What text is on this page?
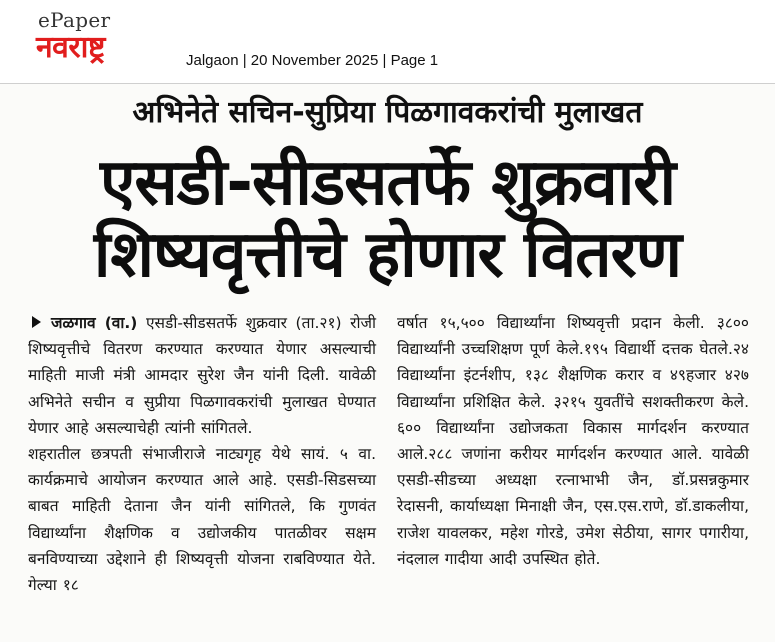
ePaper
नवराष्ट्र	Jalgaon | 20 November 2025 | Page 1
अभिनेते सचिन-सुप्रिया पिळगावकरांची मुलाखत
एसडी-सीडसतर्फे शुक्रवारी
शिष्यवृत्तीचे होणार वितरण

जळगाव (वा.) एसडी-सीडसतर्फे शुक्रवार (ता.२१) रोजी शिष्यवृत्तीचे वितरण करण्यात करण्यात येणार असल्याची माहिती माजी मंत्री आमदार सुरेश जैन यांनी दिली. यावेळी अभिनेते सचीन व सुप्रीया पिळगावकरांची मुलाखत घेण्यात येणार आहे असल्याचेही त्यांनी सांगितले.

शहरातील छत्रपती संभाजीराजे नाट्यगृह येथे सायं. ५ वा. कार्यक्रमाचे आयोजन करण्यात आले आहे. एसडी-सिडसच्या बाबत माहिती देताना जैन यांनी सांगितले, कि गुणवंत विद्यार्थ्यांना शैक्षणिक व उद्योजकीय पातळीवर सक्षम बनविण्याच्या उद्देशाने ही शिष्यवृत्ती योजना राबविण्यात येते. गेल्या १८

वर्षात १५,५०० विद्यार्थ्यांना शिष्यवृत्ती प्रदान केली. ३८०० विद्यार्थ्यांनी उच्चशिक्षण पूर्ण केले.१९५ विद्यार्थी दत्तक घेतले.२४ विद्यार्थ्यांना इंटर्नशीप, १३८ शैक्षणिक करार व ४९हजार ४२७ विद्यार्थ्यांना प्रशिक्षित केले. ३२१५ युवतींचे सशक्तीकरण केले. ६०० विद्यार्थ्यांना उद्योजकता विकास मार्गदर्शन करण्यात आले.२८८ जणांना करीयर मार्गदर्शन करण्यात आले. यावेळी एसडी-सीडच्या अध्यक्षा रत्नाभाभी जैन, डॉ.प्रसन्नकुमार रेदासनी, कार्याध्यक्षा मिनाक्षी जैन, एस.एस.राणे, डॉ.डाकलीया, राजेश यावलकर, महेश गोरडे, उमेश सेठीया, सागर पगारीया, नंदलाल गादीया आदी उपस्थित होते.
